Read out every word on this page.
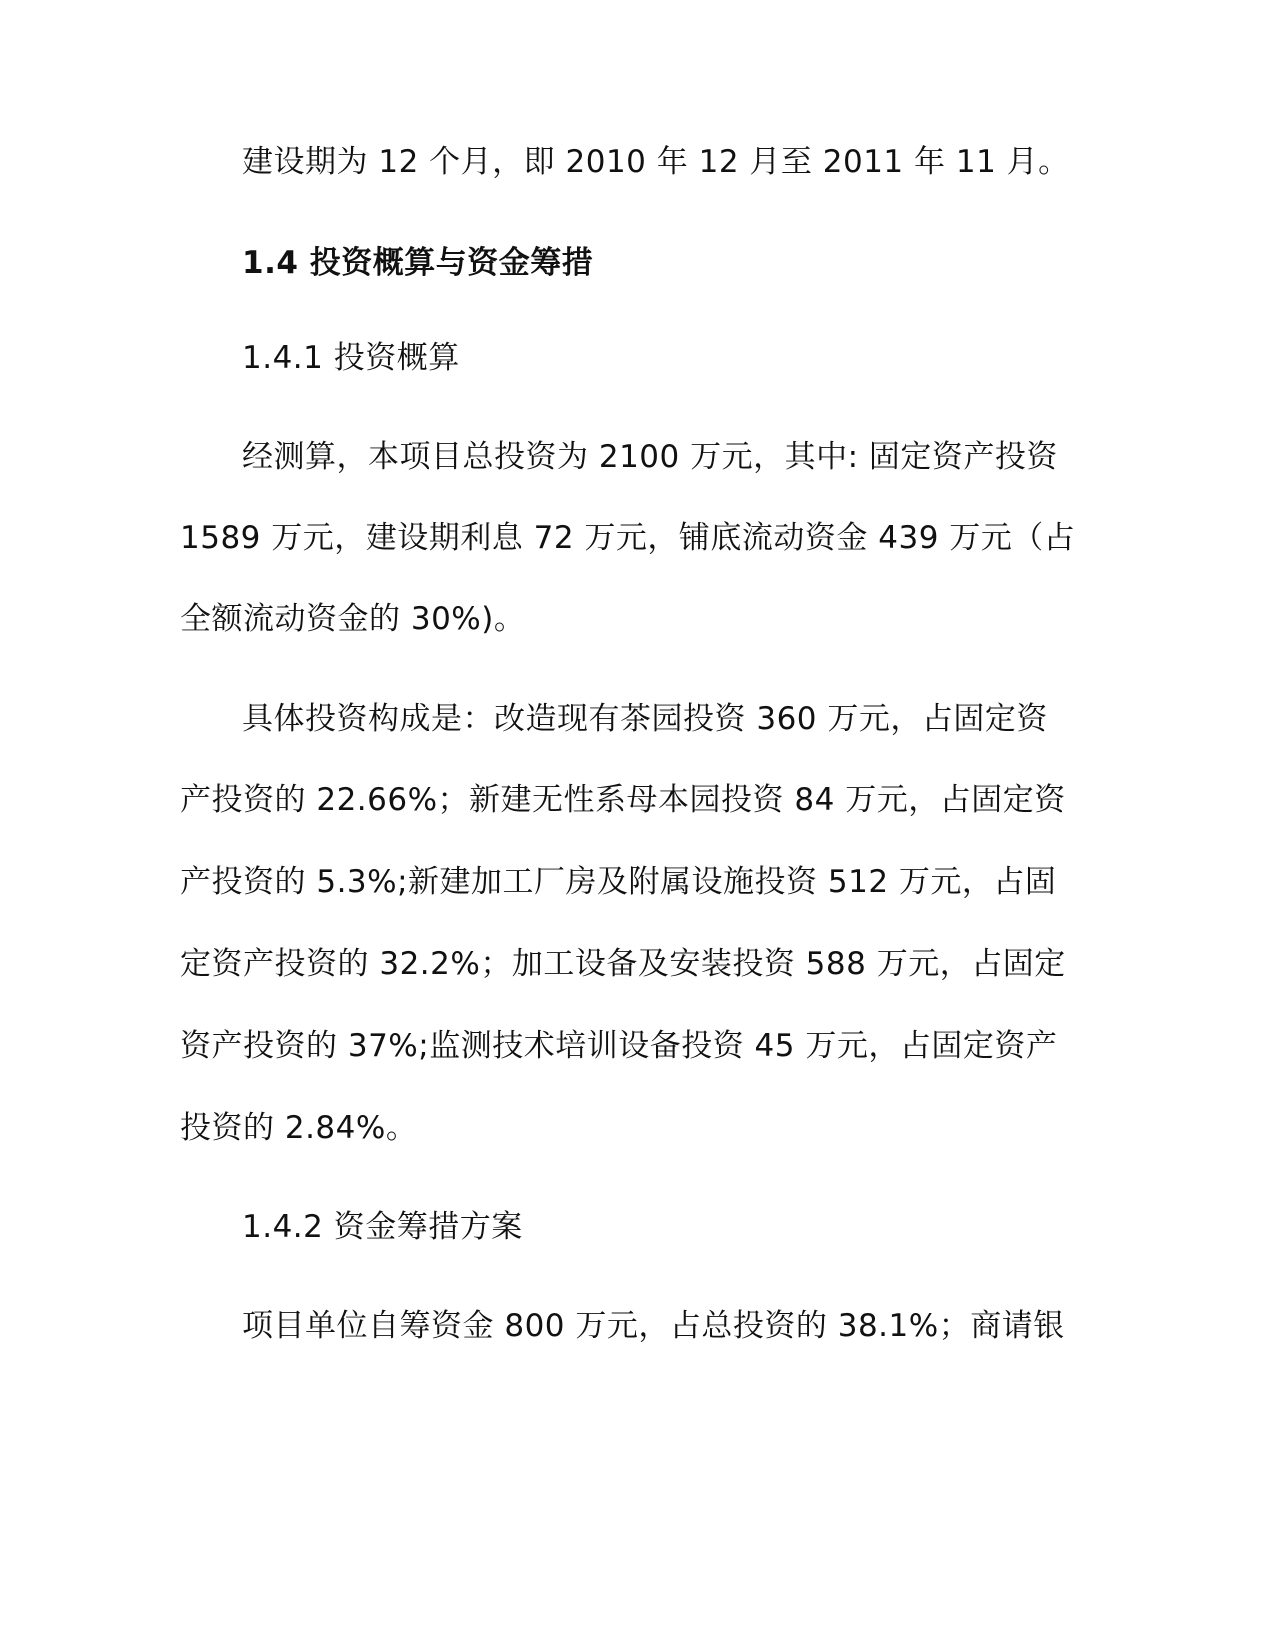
建设期为 12 个月，即 2010 年 12 月至 2011 年 11 月。
1.4 投资概算与资金筹措
1.4.1 投资概算
经测算，本项目总投资为 2100 万元，其中: 固定资产投资
1589 万元，建设期利息 72 万元，铺底流动资金 439 万元（占
全额流动资金的 30%)。
具体投资构成是：改造现有茶园投资 360 万元，占固定资
产投资的 22.66%；新建无性系母本园投资 84 万元，占固定资
产投资的 5.3%;新建加工厂房及附属设施投资 512 万元，占固
定资产投资的 32.2%；加工设备及安装投资 588 万元，占固定
资产投资的 37%;监测技术培训设备投资 45 万元，占固定资产
投资的 2.84%。
1.4.2 资金筹措方案
项目单位自筹资金 800 万元，占总投资的 38.1%；商请银
